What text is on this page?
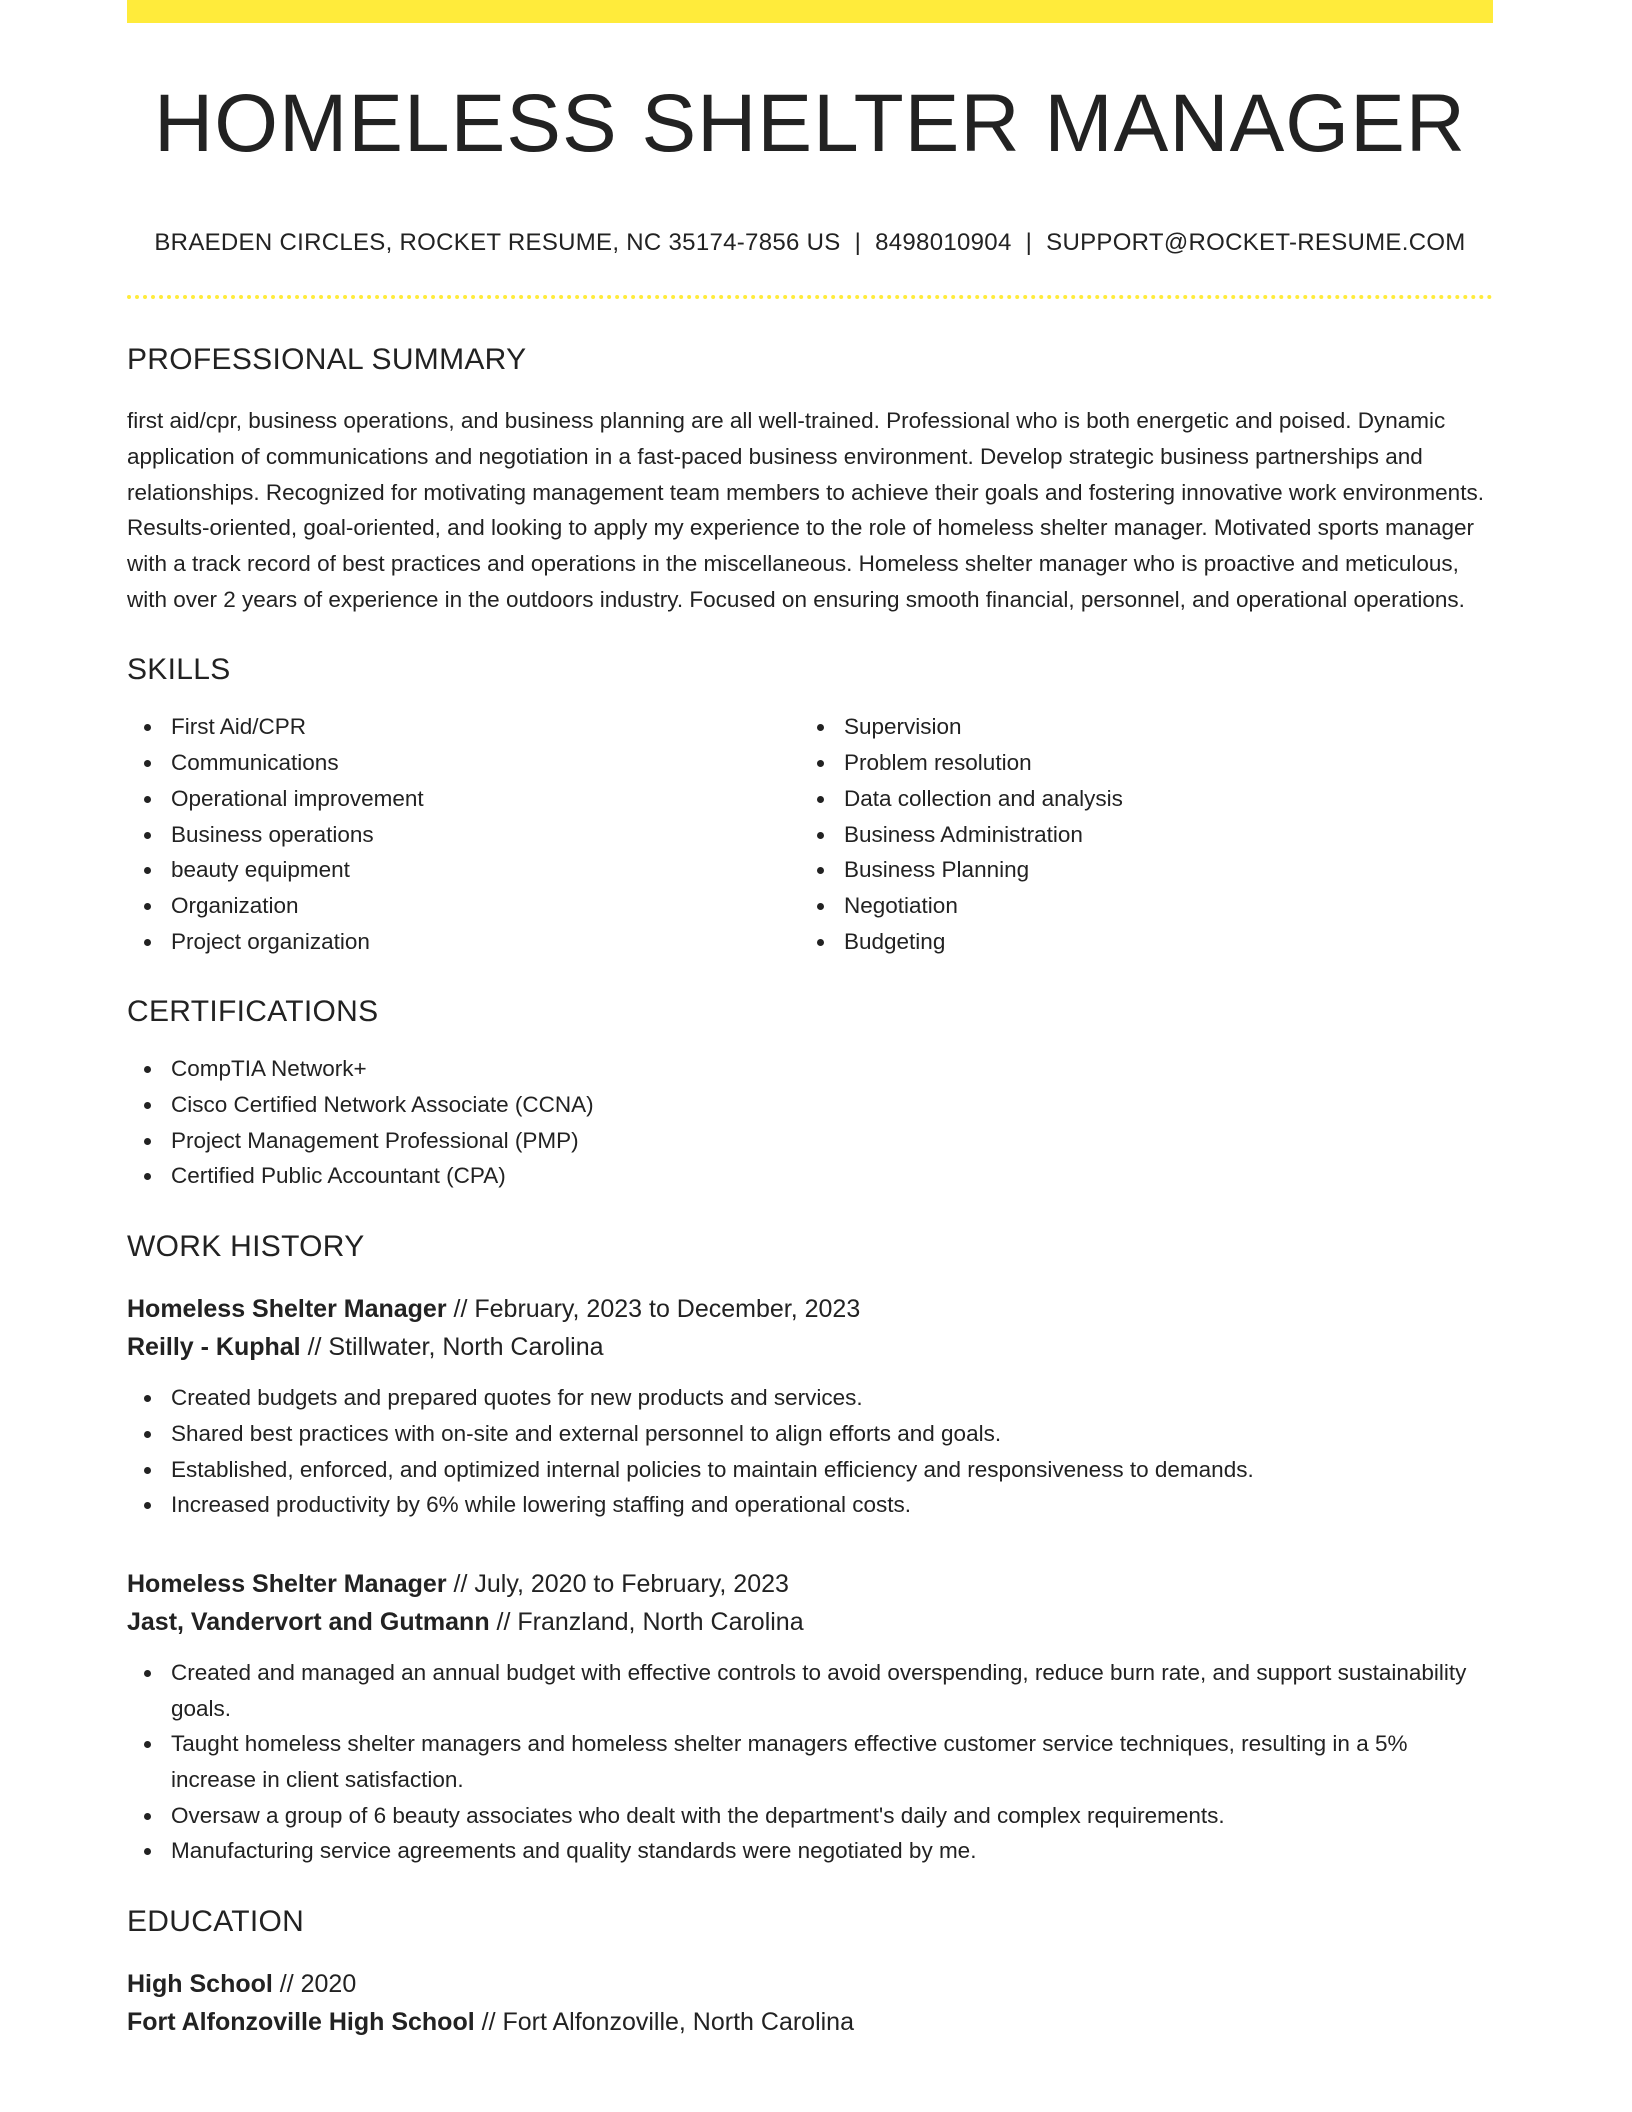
HOMELESS SHELTER MANAGER
BRAEDEN CIRCLES, ROCKET RESUME, NC 35174-7856 US | 8498010904 | SUPPORT@ROCKET-RESUME.COM
PROFESSIONAL SUMMARY

first aid/cpr, business operations, and business planning are all well-trained. Professional who is both energetic and poised. Dynamic application of communications and negotiation in a fast-paced business environment. Develop strategic business partnerships and relationships. Recognized for motivating management team members to achieve their goals and fostering innovative work environments. Results-oriented, goal-oriented, and looking to apply my experience to the role of homeless shelter manager. Motivated sports manager with a track record of best practices and operations in the miscellaneous. Homeless shelter manager who is proactive and meticulous, with over 2 years of experience in the outdoors industry. Focused on ensuring smooth financial, personnel, and operational operations.

SKILLS
First Aid/CPR
Communications
Operational improvement
Business operations
beauty equipment
Organization
Project organization
Supervision
Problem resolution
Data collection and analysis
Business Administration
Business Planning
Negotiation
Budgeting
CERTIFICATIONS
CompTIA Network+
Cisco Certified Network Associate (CCNA)
Project Management Professional (PMP)
Certified Public Accountant (CPA)
WORK HISTORY
Homeless Shelter Manager // February, 2023 to December, 2023
Reilly - Kuphal // Stillwater, North Carolina
Created budgets and prepared quotes for new products and services.
Shared best practices with on-site and external personnel to align efforts and goals.
Established, enforced, and optimized internal policies to maintain efficiency and responsiveness to demands.
Increased productivity by 6% while lowering staffing and operational costs.
Homeless Shelter Manager // July, 2020 to February, 2023
Jast, Vandervort and Gutmann // Franzland, North Carolina
Created and managed an annual budget with effective controls to avoid overspending, reduce burn rate, and support sustainability goals.
Taught homeless shelter managers and homeless shelter managers effective customer service techniques, resulting in a 5% increase in client satisfaction.
Oversaw a group of 6 beauty associates who dealt with the department's daily and complex requirements.
Manufacturing service agreements and quality standards were negotiated by me.
EDUCATION
High School // 2020
Fort Alfonzoville High School // Fort Alfonzoville, North Carolina
